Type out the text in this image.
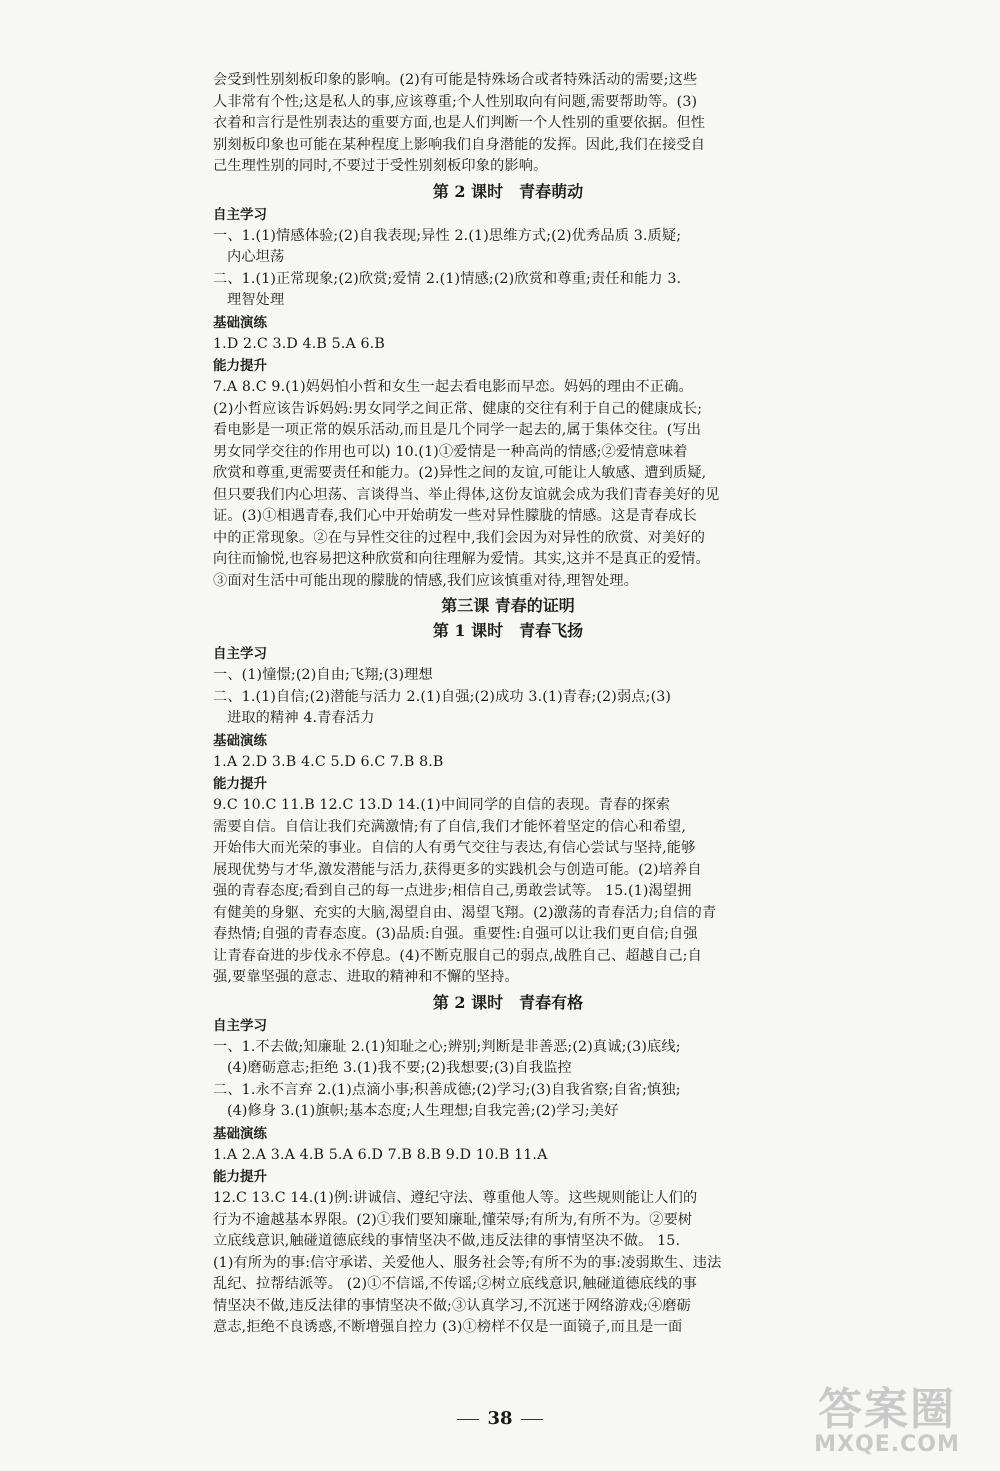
会受到性别刻板印象的影响。(2)有可能是特殊场合或者特殊活动的需要;这些

人非常有个性;这是私人的事,应该尊重;个人性别取向有问题,需要帮助等。(3)

衣着和言行是性别表达的重要方面,也是人们判断一个人性别的重要依据。但性

别刻板印象也可能在某种程度上影响我们自身潜能的发挥。因此,我们在接受自

己生理性别的同时,不要过于受性别刻板印象的影响。

第 2 课时 青春萌动
自主学习

一、1.(1)情感体验;(2)自我表现;异性 2.(1)思维方式;(2)优秀品质 3.质疑;

内心坦荡

二、1.(1)正常现象;(2)欣赏;爱情 2.(1)情感;(2)欣赏和尊重;责任和能力 3.

理智处理

基础演练

1.D 2.C 3.D 4.B 5.A 6.B

能力提升

7.A 8.C 9.(1)妈妈怕小哲和女生一起去看电影而早恋。妈妈的理由不正确。

(2)小哲应该告诉妈妈:男女同学之间正常、健康的交往有利于自己的健康成长;

看电影是一项正常的娱乐活动,而且是几个同学一起去的,属于集体交往。(写出

男女同学交往的作用也可以) 10.(1)①爱情是一种高尚的情感;②爱情意味着

欣赏和尊重,更需要责任和能力。(2)异性之间的友谊,可能让人敏感、遭到质疑,

但只要我们内心坦荡、言谈得当、举止得体,这份友谊就会成为我们青春美好的见

证。(3)①相遇青春,我们心中开始萌发一些对异性朦胧的情感。这是青春成长

中的正常现象。②在与异性交往的过程中,我们会因为对异性的欣赏、对美好的

向往而愉悦,也容易把这种欣赏和向往理解为爱情。其实,这并不是真正的爱情。

③面对生活中可能出现的朦胧的情感,我们应该慎重对待,理智处理。

第三课 青春的证明
第 1 课时 青春飞扬
自主学习

一、(1)憧憬;(2)自由;飞翔;(3)理想

二、1.(1)自信;(2)潜能与活力 2.(1)自强;(2)成功 3.(1)青春;(2)弱点;(3)

进取的精神 4.青春活力

基础演练

1.A 2.D 3.B 4.C 5.D 6.C 7.B 8.B

能力提升

9.C 10.C 11.B 12.C 13.D 14.(1)中间同学的自信的表现。青春的探索

需要自信。自信让我们充满激情;有了自信,我们才能怀着坚定的信心和希望,

开始伟大而光荣的事业。自信的人有勇气交往与表达,有信心尝试与坚持,能够

展现优势与才华,激发潜能与活力,获得更多的实践机会与创造可能。(2)培养自

强的青春态度;看到自己的每一点进步;相信自己,勇敢尝试等。 15.(1)渴望拥

有健美的身躯、充实的大脑,渴望自由、渴望飞翔。(2)激荡的青春活力;自信的青

春热情;自强的青春态度。(3)品质:自强。重要性:自强可以让我们更自信;自强

让青春奋进的步伐永不停息。(4)不断克服自己的弱点,战胜自己、超越自己;自

强,要靠坚强的意志、进取的精神和不懈的坚持。

第 2 课时 青春有格
自主学习

一、1.不去做;知廉耻 2.(1)知耻之心;辨别;判断是非善恶;(2)真诚;(3)底线;

(4)磨砺意志;拒绝 3.(1)我不要;(2)我想要;(3)自我监控

二、1.永不言弃 2.(1)点滴小事;积善成德;(2)学习;(3)自我省察;自省;慎独;

(4)修身 3.(1)旗帜;基本态度;人生理想;自我完善;(2)学习;美好

基础演练

1.A 2.A 3.A 4.B 5.A 6.D 7.B 8.B 9.D 10.B 11.A

能力提升

12.C 13.C 14.(1)例:讲诚信、遵纪守法、尊重他人等。这些规则能让人们的

行为不逾越基本界限。(2)①我们要知廉耻,懂荣辱;有所为,有所不为。②要树

立底线意识,触碰道德底线的事情坚决不做,违反法律的事情坚决不做。 15.

(1)有所为的事:信守承诺、关爱他人、服务社会等;有所不为的事:凌弱欺生、违法

乱纪、拉帮结派等。 (2)①不信谣,不传谣;②树立底线意识,触碰道德底线的事

情坚决不做,违反法律的事情坚决不做;③认真学习,不沉迷于网络游戏;④磨砺

意志,拒绝不良诱惑,不断增强自控力 (3)①榜样不仅是一面镜子,而且是一面

38	答案圈
MXQE.COM
